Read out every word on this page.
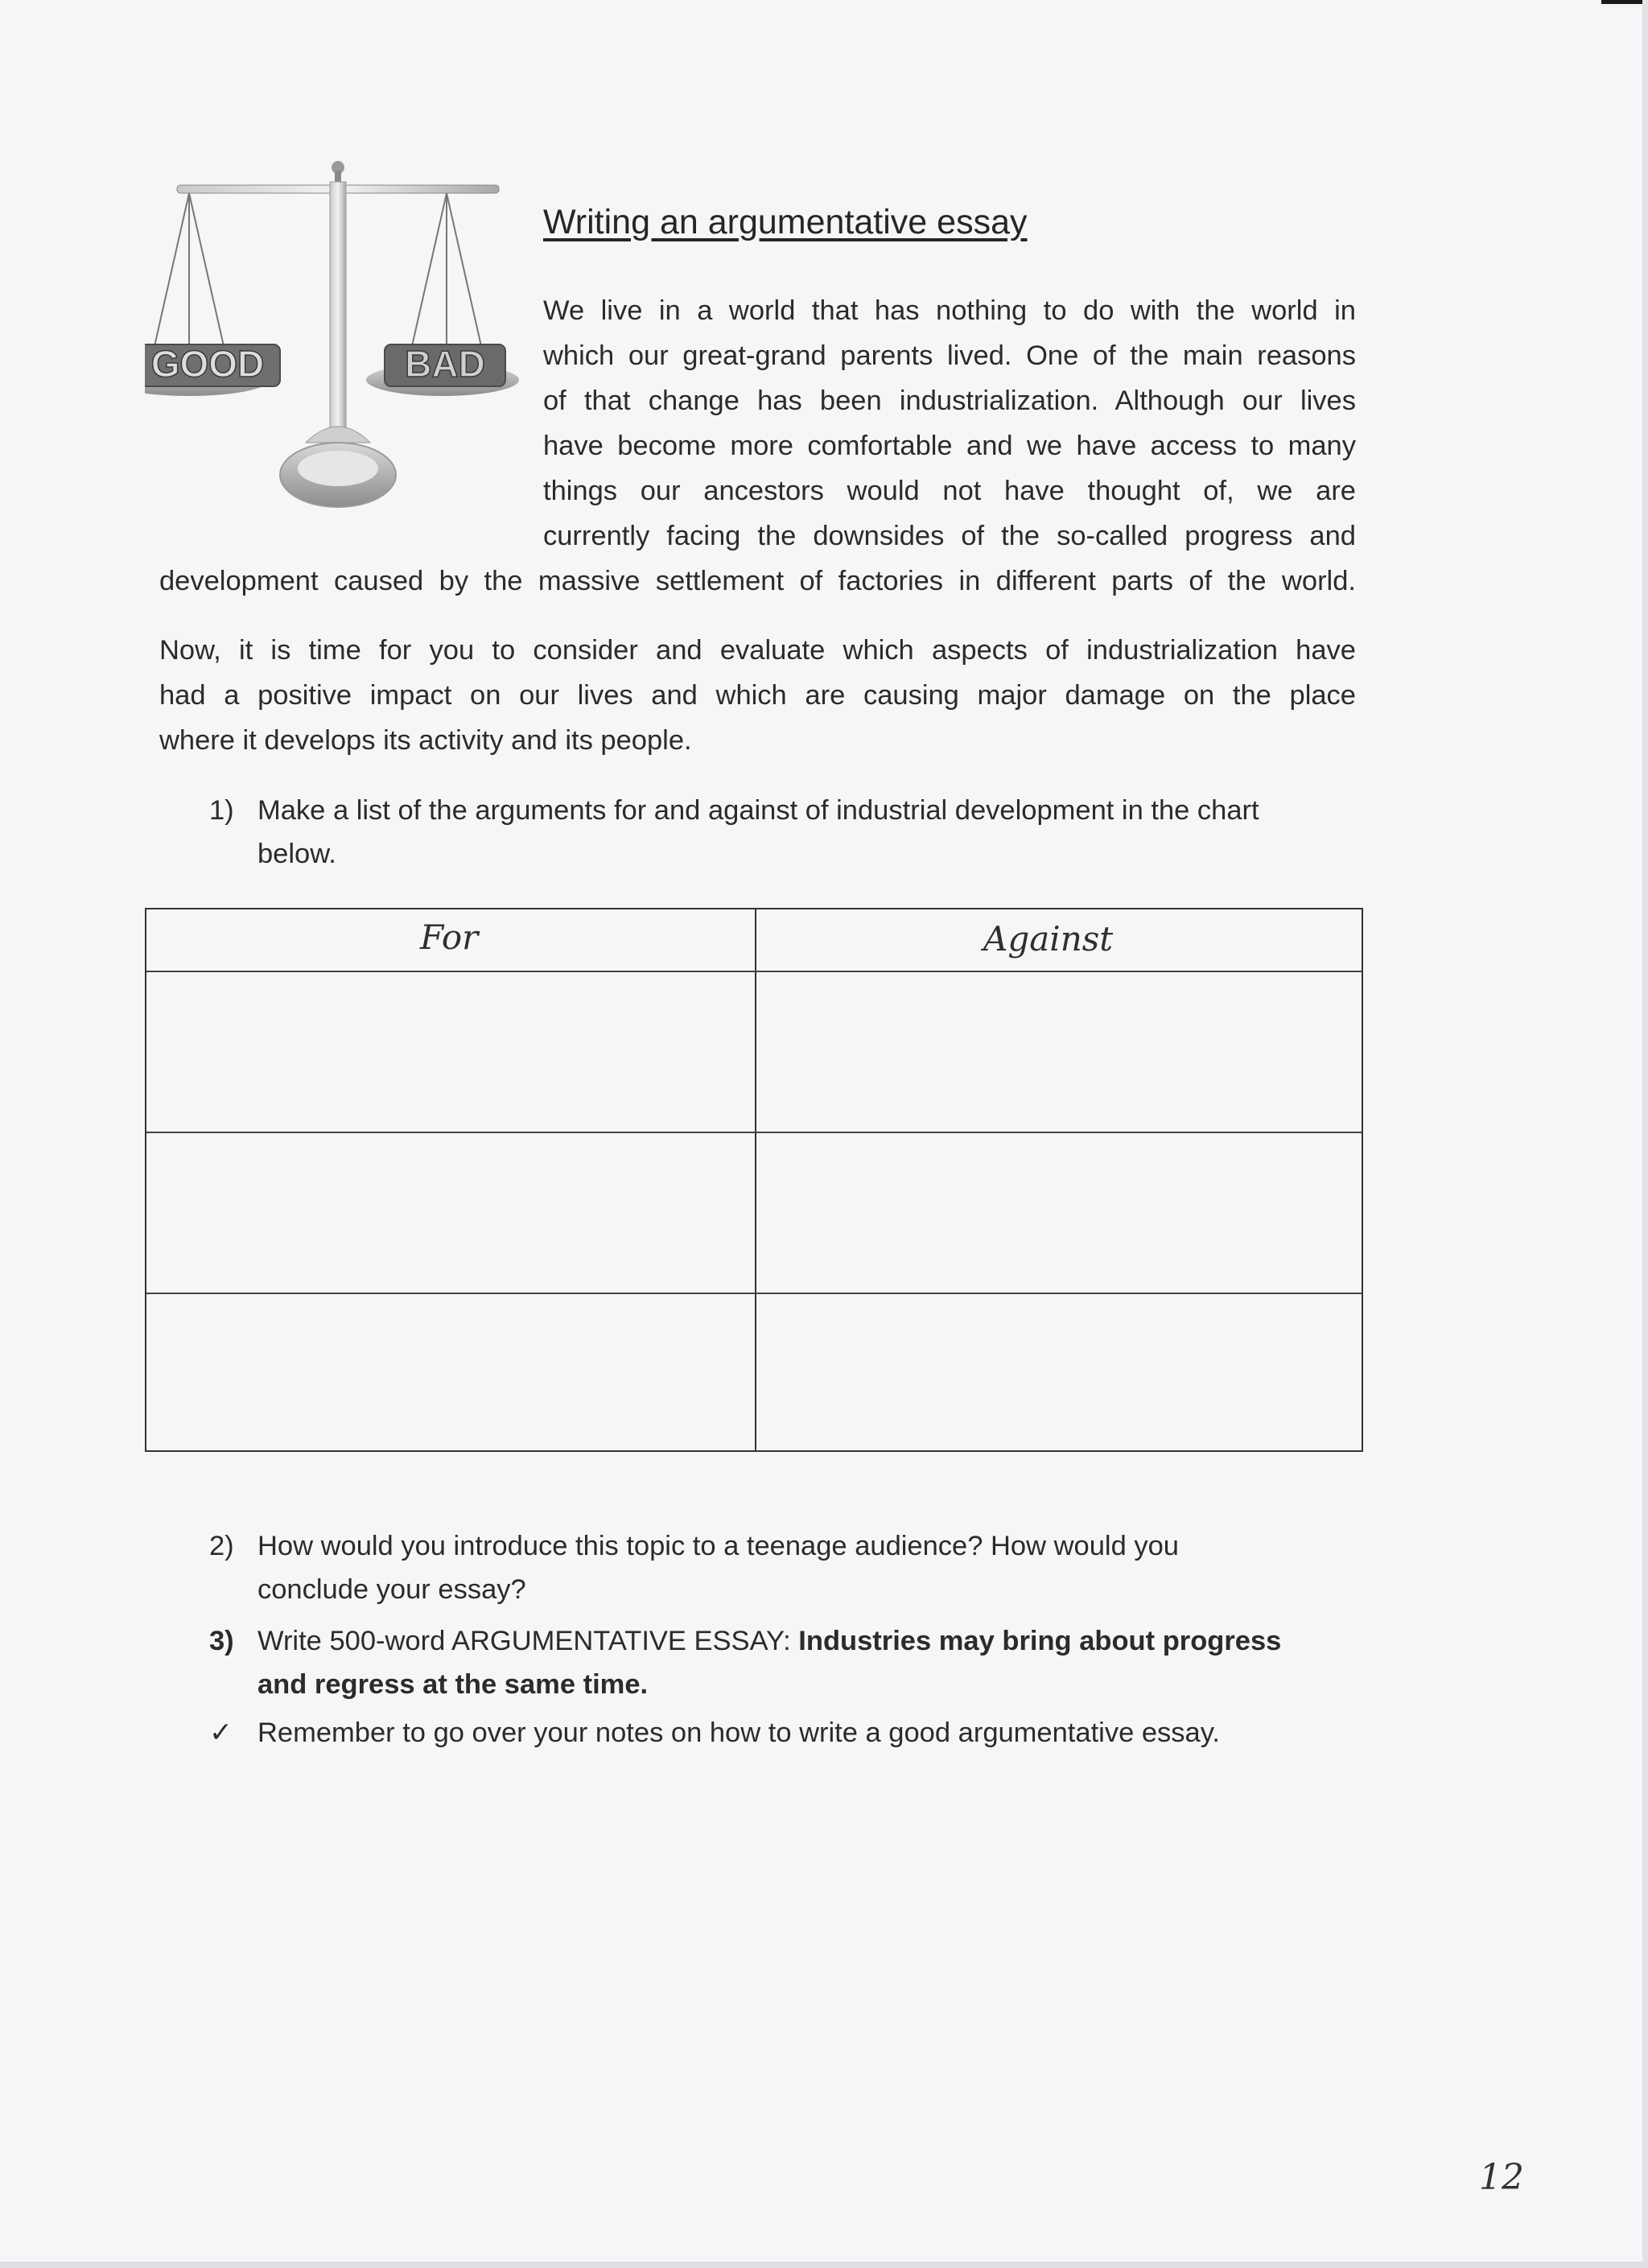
GOOD	BAD
Writing an argumentative essay
We live in a world that has nothing to do with the world in
which our great-grand parents lived. One of the main reasons
of that change has been industrialization. Although our lives
have become more comfortable and we have access to many
things our ancestors would not have thought of, we are
currently facing the downsides of the so-called progress and
development caused by the massive settlement of factories in different parts of the world.
Now, it is time for you to consider and evaluate which aspects of industrialization have
had a positive impact on our lives and which are causing major damage on the place
where it develops its activity and its people.
1) Make a list of the arguments for and against of industrial development in the chart
below.
For	Against
2) How would you introduce this topic to a teenage audience? How would you
conclude your essay?
3) Write 500-word ARGUMENTATIVE ESSAY: Industries may bring about progress
and regress at the same time.
✓ Remember to go over your notes on how to write a good argumentative essay.
12
